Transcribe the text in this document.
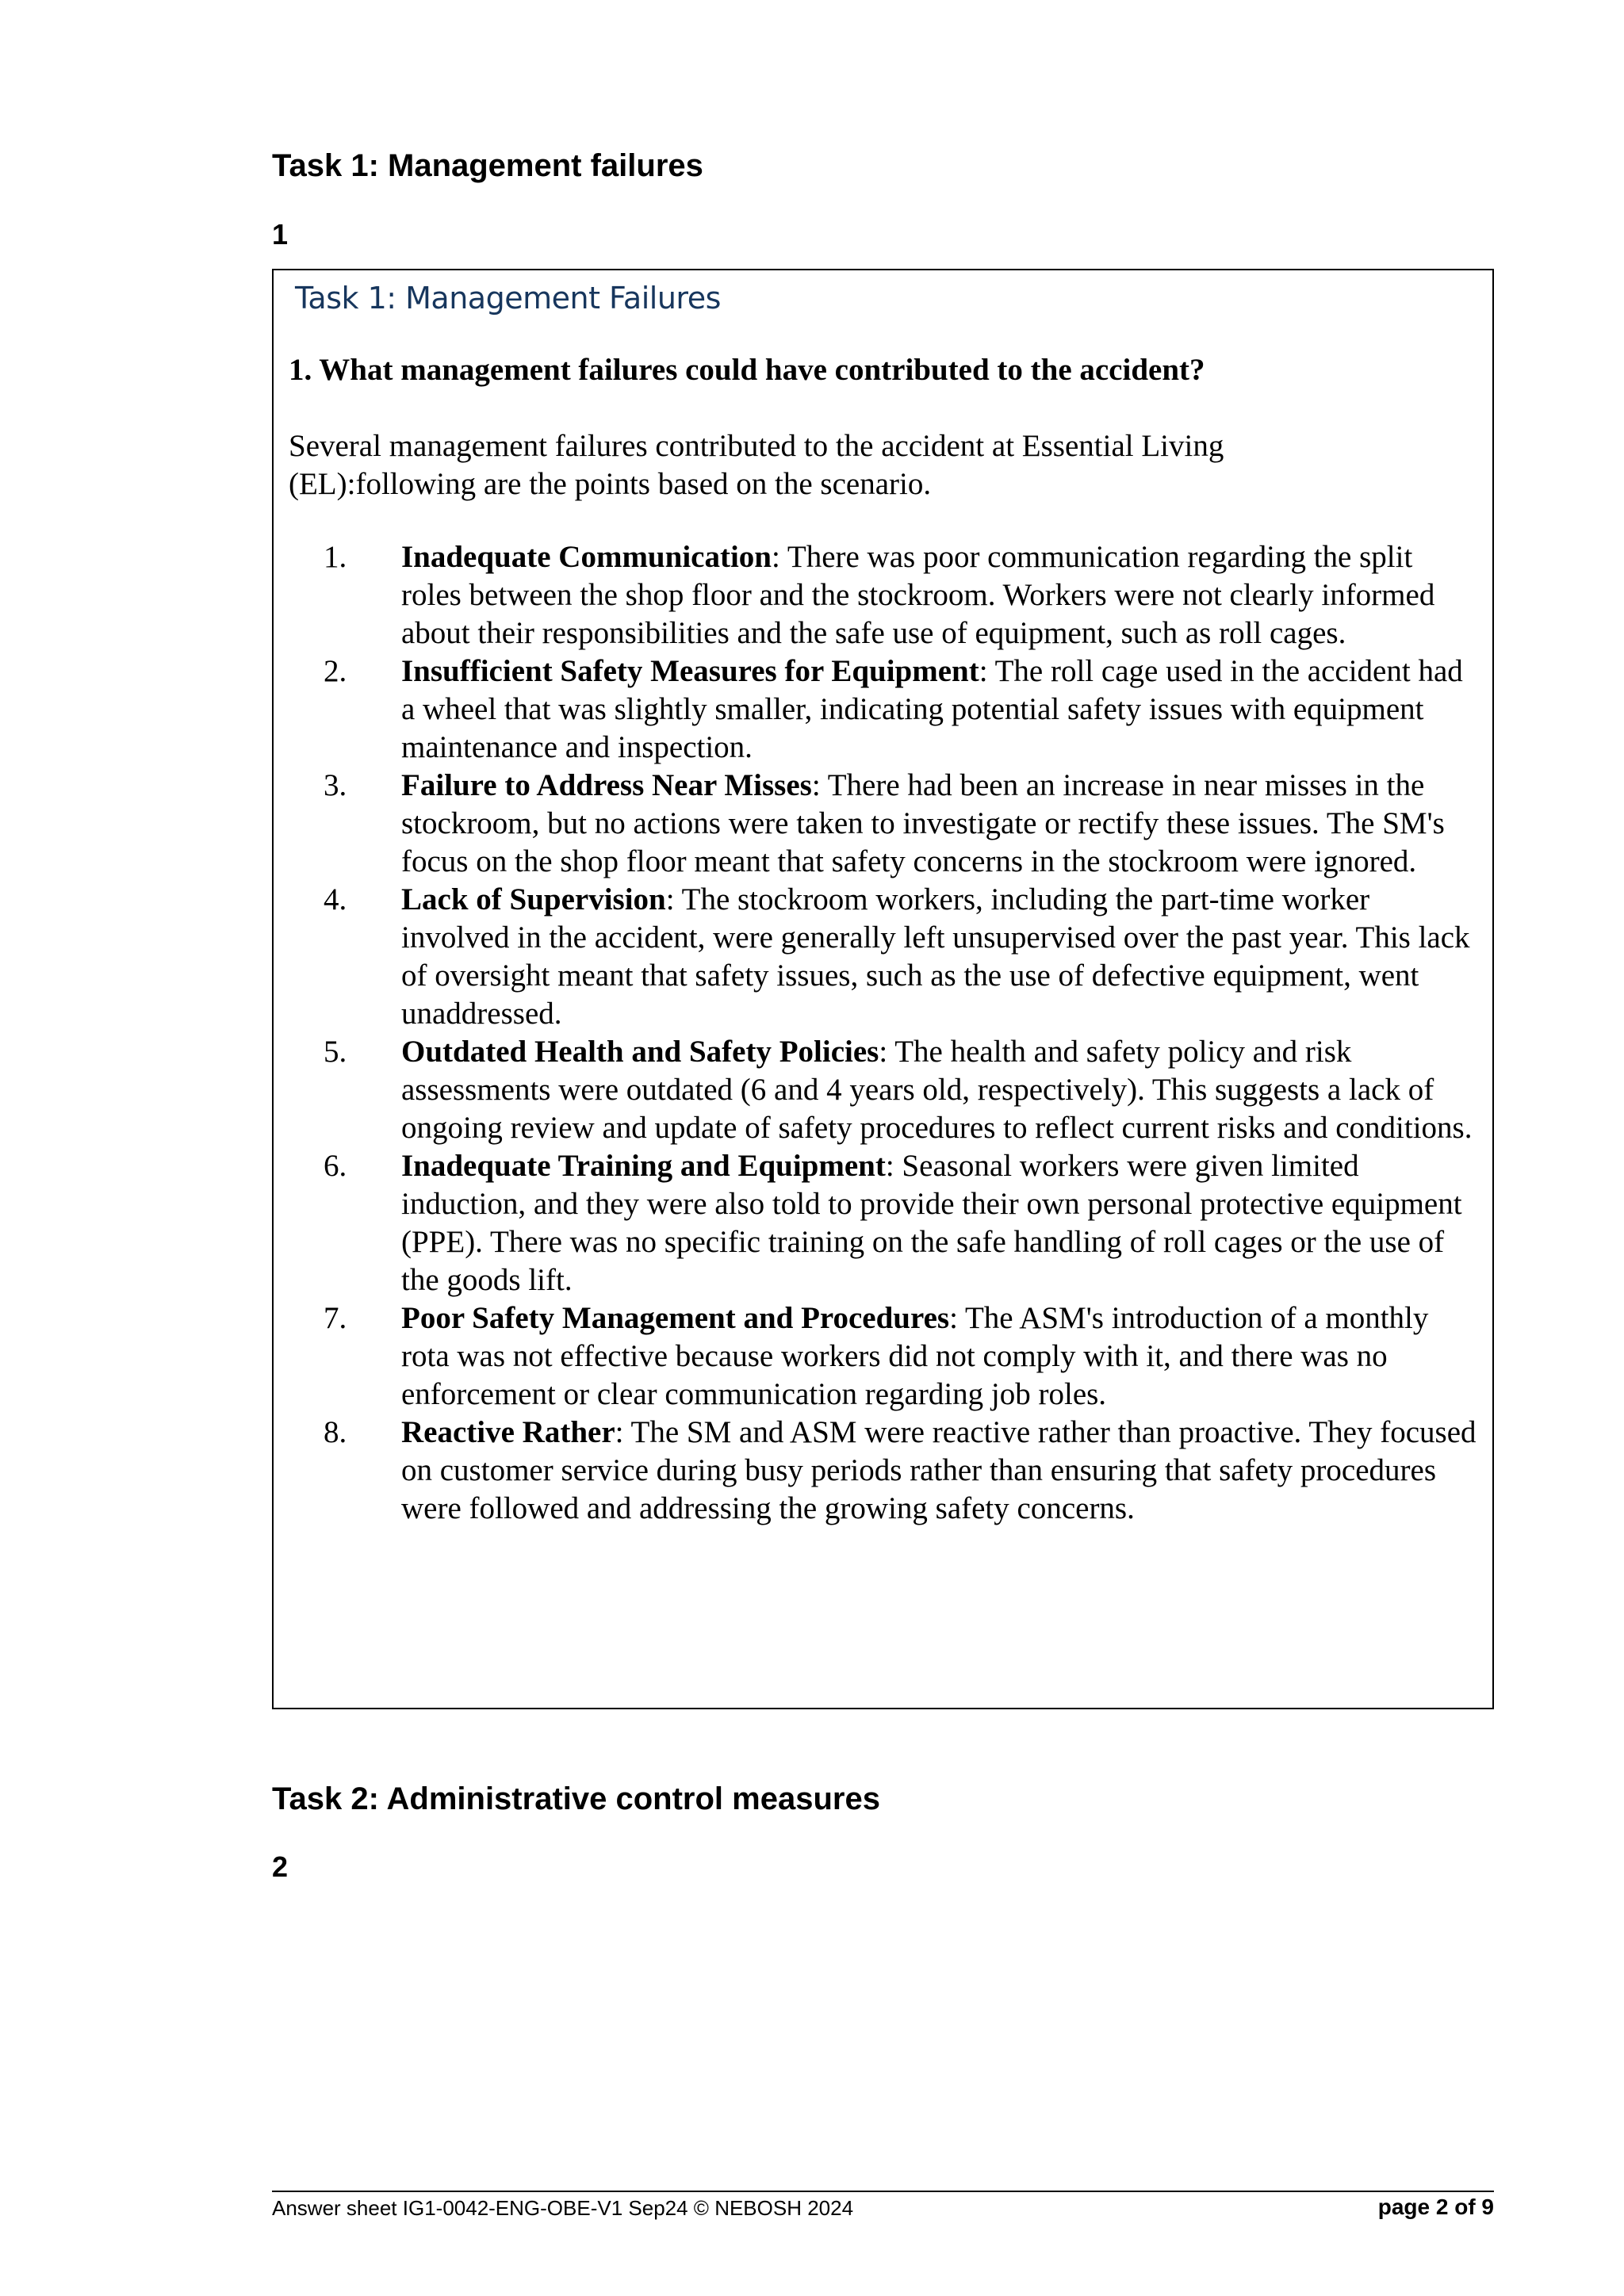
Task 1: Management failures
1
Task 1: Management Failures

1. What management failures could have contributed to the accident?

Several management failures contributed to the accident at Essential Living (EL):following are the points based on the scenario.

1.	Inadequate Communication: There was poor communication regarding the split roles between the shop floor and the stockroom. Workers were not clearly informed about their responsibilities and the safe use of equipment, such as roll cages.
2.	Insufficient Safety Measures for Equipment: The roll cage used in the accident had a wheel that was slightly smaller, indicating potential safety issues with equipment maintenance and inspection.
3.	Failure to Address Near Misses: There had been an increase in near misses in the stockroom, but no actions were taken to investigate or rectify these issues. The SM's focus on the shop floor meant that safety concerns in the stockroom were ignored.
4.	Lack of Supervision: The stockroom workers, including the part-time worker involved in the accident, were generally left unsupervised over the past year. This lack of oversight meant that safety issues, such as the use of defective equipment, went unaddressed.
5.	Outdated Health and Safety Policies: The health and safety policy and risk assessments were outdated (6 and 4 years old, respectively). This suggests a lack of ongoing review and update of safety procedures to reflect current risks and conditions.
6.	Inadequate Training and Equipment: Seasonal workers were given limited induction, and they were also told to provide their own personal protective equipment (PPE). There was no specific training on the safe handling of roll cages or the use of the goods lift.
7.	Poor Safety Management and Procedures: The ASM's introduction of a monthly rota was not effective because workers did not comply with it, and there was no enforcement or clear communication regarding job roles.
8.	Reactive Rather: The SM and ASM were reactive rather than proactive. They focused on customer service during busy periods rather than ensuring that safety procedures were followed and addressing the growing safety concerns.
Task 2: Administrative control measures
2

Answer sheet IG1-0042-ENG-OBE-V1 Sep24 © NEBOSH 2024	page 2 of 9
